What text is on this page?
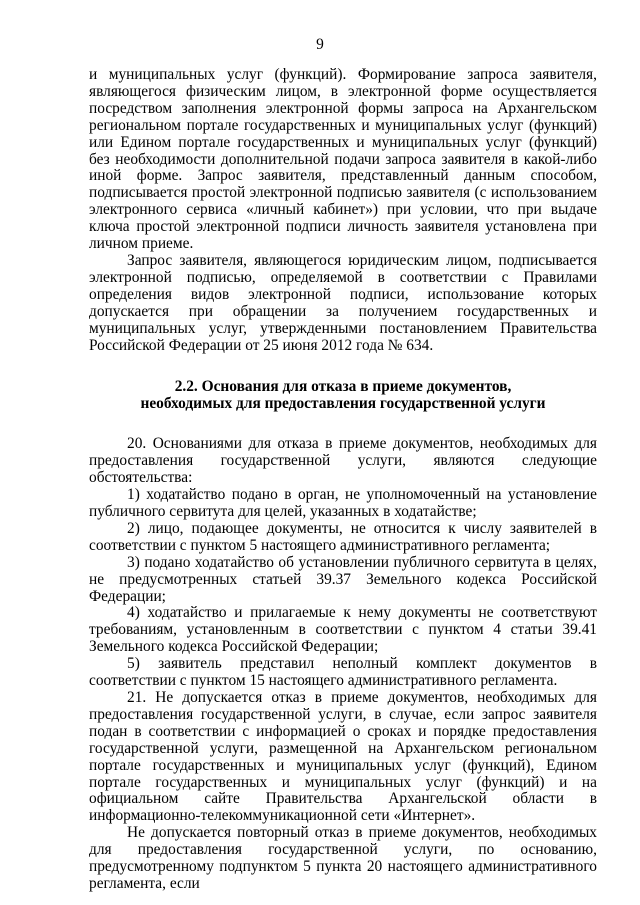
9

и муниципальных услуг (функций). Формирование запроса заявителя, являющегося физическим лицом, в электронной форме осуществляется посредством заполнения электронной формы запроса на Архангельском региональном портале государственных и муниципальных услуг (функций) или Едином портале государственных и муниципальных услуг (функций) без необходимости дополнительной подачи запроса заявителя в какой-либо иной форме. Запрос заявителя, представленный данным способом, подписывается простой электронной подписью заявителя (с использованием электронного сервиса «личный кабинет») при условии, что при выдаче ключа простой электронной подписи личность заявителя установлена при личном приеме.

Запрос заявителя, являющегося юридическим лицом, подписывается электронной подписью, определяемой в соответствии с Правилами определения видов электронной подписи, использование которых допускается при обращении за получением государственных и муниципальных услуг, утвержденными постановлением Правительства Российской Федерации от 25 июня 2012 года № 634.

2.2. Основания для отказа в приеме документов,
необходимых для предоставления государственной услуги

20. Основаниями для отказа в приеме документов, необходимых для предоставления государственной услуги, являются следующие обстоятельства:

1) ходатайство подано в орган, не уполномоченный на установление публичного сервитута для целей, указанных в ходатайстве;

2) лицо, подающее документы, не относится к числу заявителей в соответствии с пунктом 5 настоящего административного регламента;

3) подано ходатайство об установлении публичного сервитута в целях, не предусмотренных статьей 39.37 Земельного кодекса Российской Федерации;

4) ходатайство и прилагаемые к нему документы не соответствуют требованиям, установленным в соответствии с пунктом 4 статьи 39.41 Земельного кодекса Российской Федерации;

5) заявитель представил неполный комплект документов в соответствии с пунктом 15 настоящего административного регламента.

21. Не допускается отказ в приеме документов, необходимых для предоставления государственной услуги, в случае, если запрос заявителя подан в соответствии с информацией о сроках и порядке предоставления государственной услуги, размещенной на Архангельском региональном портале государственных и муниципальных услуг (функций), Едином портале государственных и муниципальных услуг (функций) и на официальном сайте Правительства Архангельской области в информационно-телекоммуникационной сети «Интернет».

Не допускается повторный отказ в приеме документов, необходимых для предоставления государственной услуги, по основанию, предусмотренному подпунктом 5 пункта 20 настоящего административного регламента, если
